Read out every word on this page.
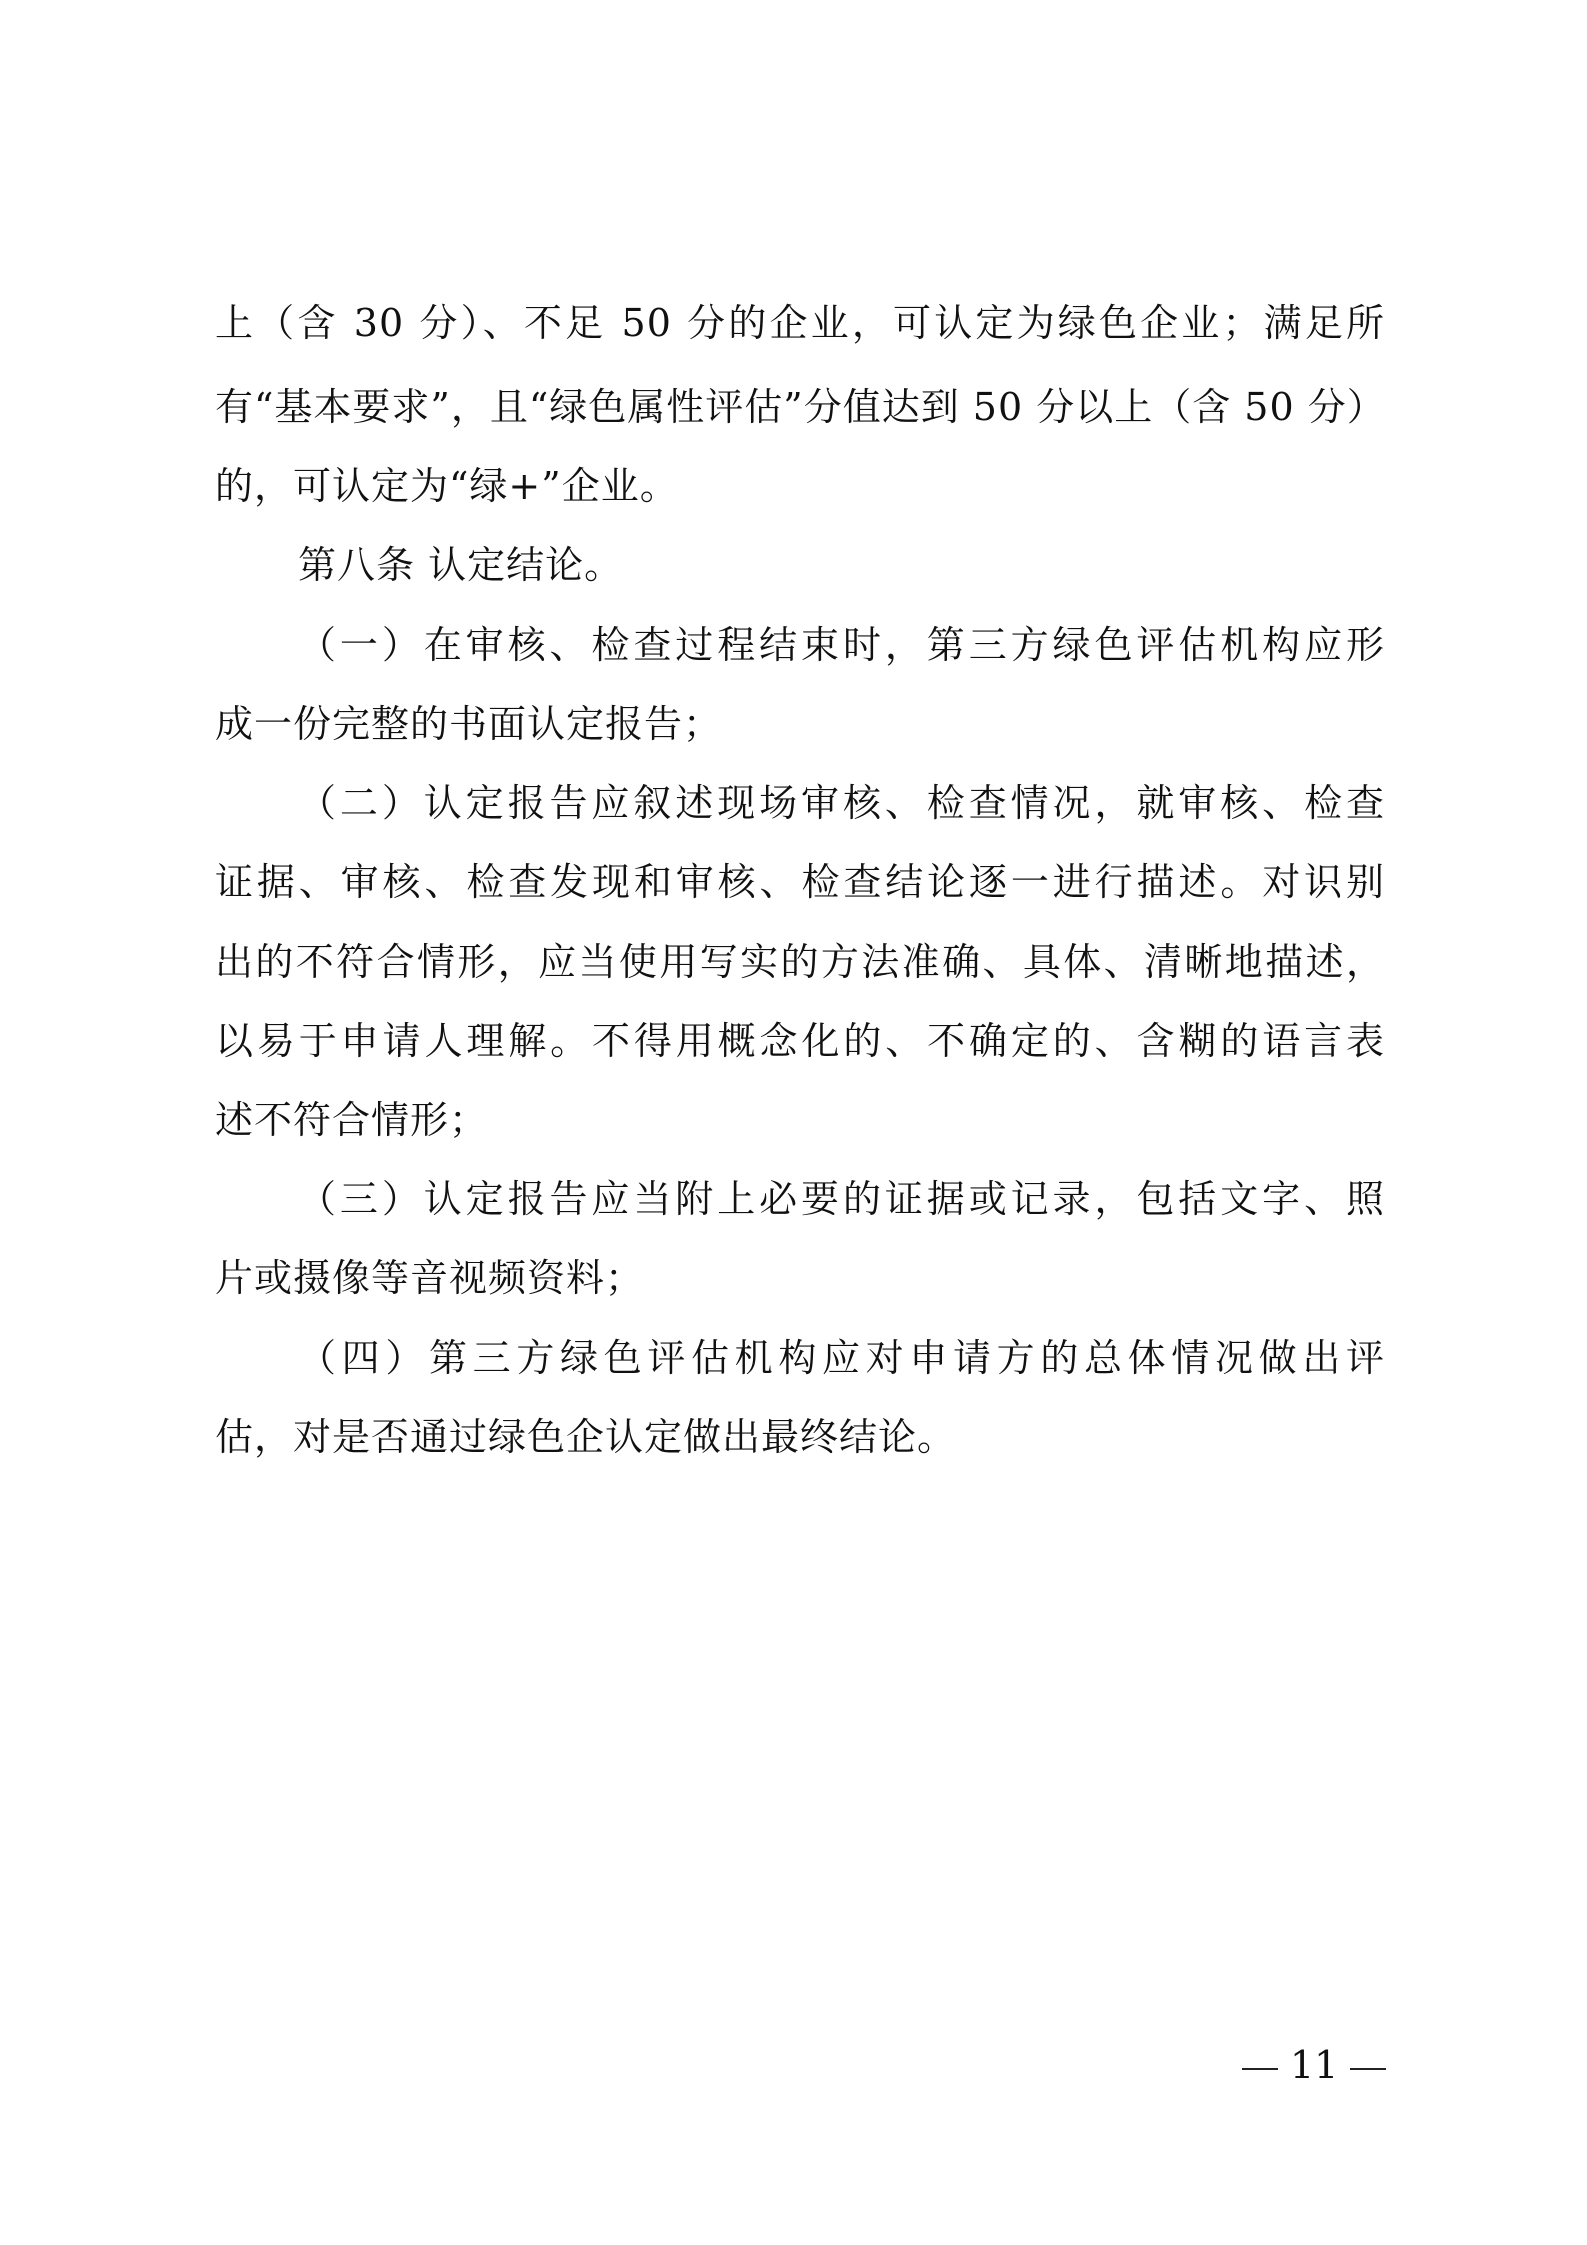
上（含 30 分）、不足 50 分的企业，可认定为绿色企业；满足所
有“基本要求”，且“绿色属性评估”分值达到 50 分以上（含 50 分）
的，可认定为“绿+”企业。
第八条 认定结论。
（一）在审核、检查过程结束时，第三方绿色评估机构应形
成一份完整的书面认定报告；
（二）认定报告应叙述现场审核、检查情况，就审核、检查
证据、审核、检查发现和审核、检查结论逐一进行描述。对识别
出的不符合情形，应当使用写实的方法准确、具体、清晰地描述，
以易于申请人理解。不得用概念化的、不确定的、含糊的语言表
述不符合情形；
（三）认定报告应当附上必要的证据或记录，包括文字、照
片或摄像等音视频资料；
（四）第三方绿色评估机构应对申请方的总体情况做出评
估，对是否通过绿色企认定做出最终结论。
11
